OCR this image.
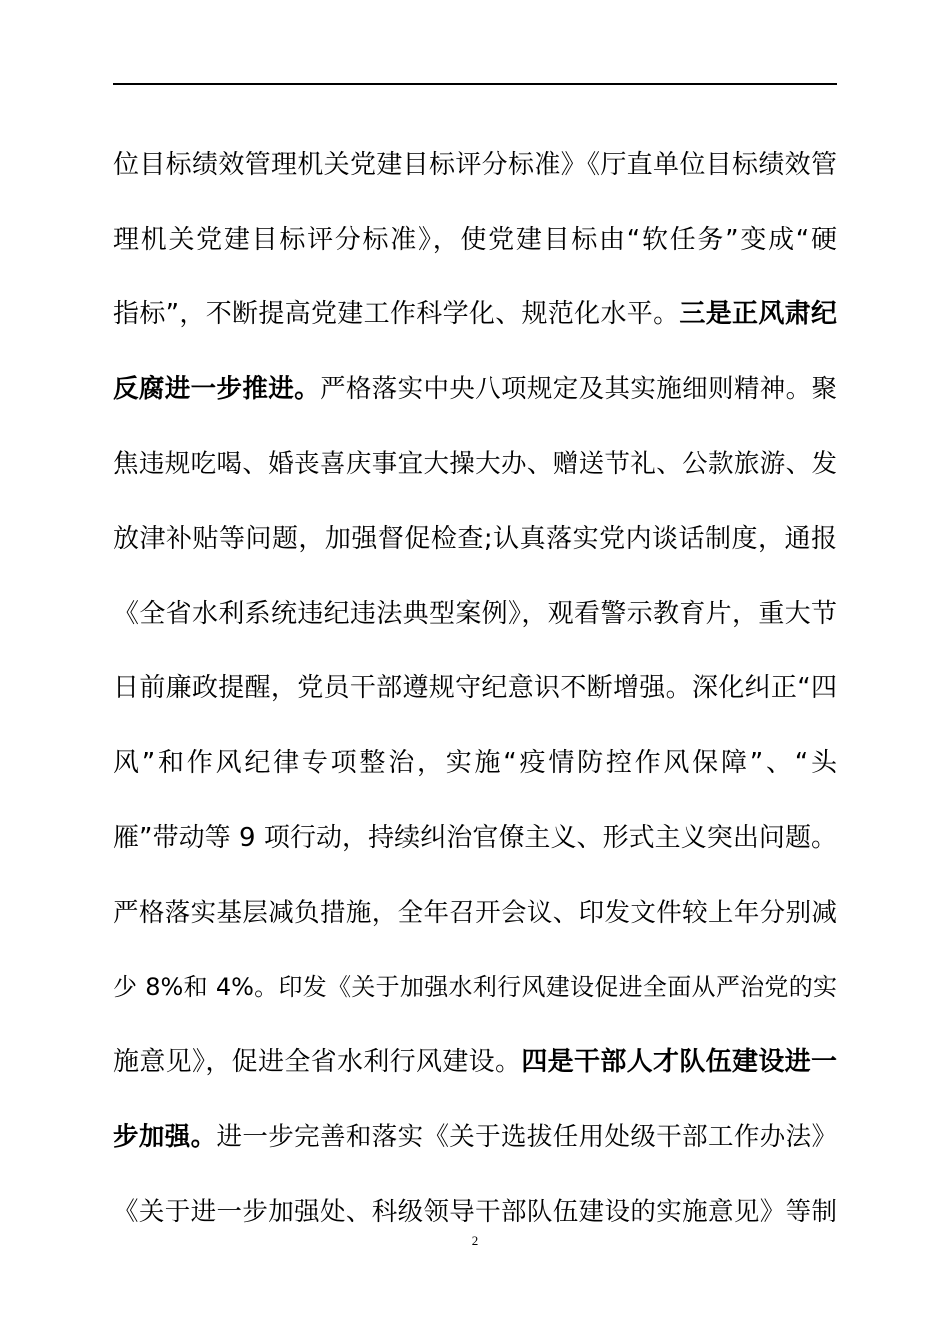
位目标绩效管理机关党建目标评分标准》《厅直单位目标绩效管
理机关党建目标评分标准》，使党建目标由“软任务”变成“硬
指标”，不断提高党建工作科学化、规范化水平。三是正风肃纪
反腐进一步推进。严格落实中央八项规定及其实施细则精神。聚
焦违规吃喝、婚丧喜庆事宜大操大办、赠送节礼、公款旅游、发
放津补贴等问题，加强督促检查;认真落实党内谈话制度，通报
《全省水利系统违纪违法典型案例》，观看警示教育片，重大节
日前廉政提醒，党员干部遵规守纪意识不断增强。深化纠正“四
风”和作风纪律专项整治，实施“疫情防控作风保障”、“头
雁”带动等 9 项行动，持续纠治官僚主义、形式主义突出问题。
严格落实基层减负措施，全年召开会议、印发文件较上年分别减
少 8%和 4%。印发《关于加强水利行风建设促进全面从严治党的实
施意见》，促进全省水利行风建设。四是干部人才队伍建设进一
步加强。进一步完善和落实《关于选拔任用处级干部工作办法》
《关于进一步加强处、科级领导干部队伍建设的实施意见》等制
2
